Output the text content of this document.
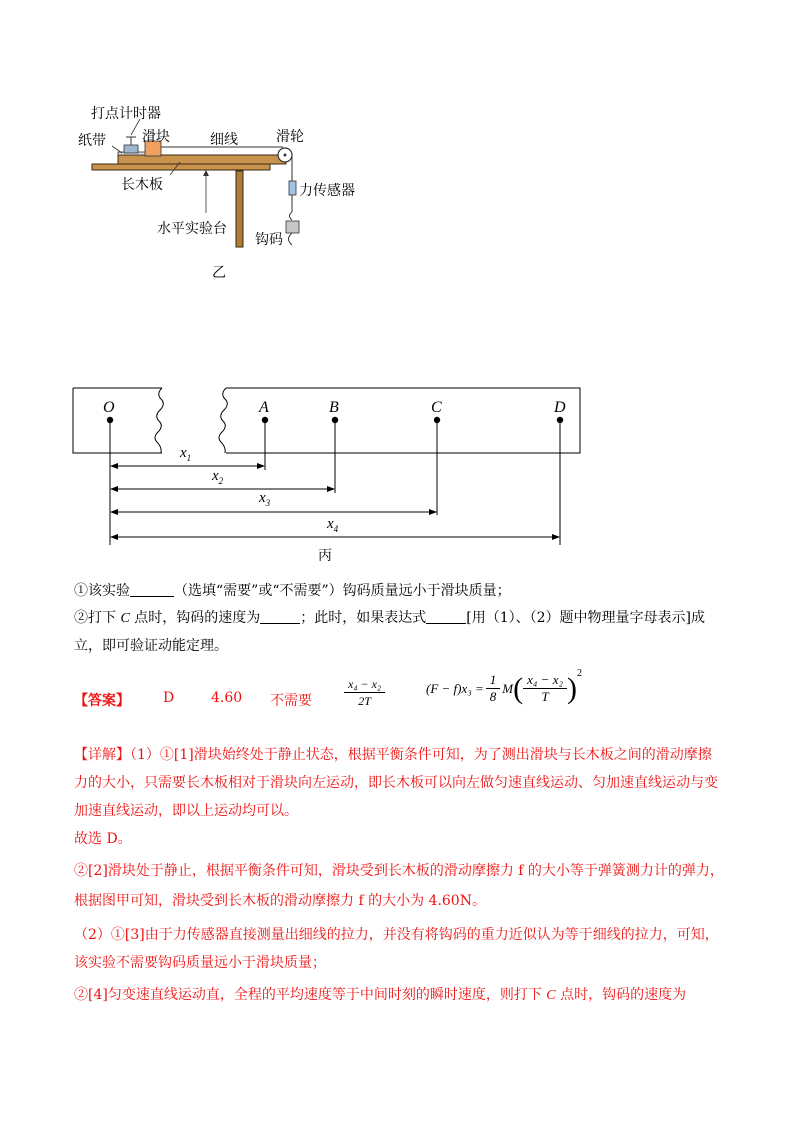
打点计时器
纸带	滑块	细线	滑轮
力传感器
长木板
水平实验台
钩码
乙
O	A	B	C	D
$x_1$
$x_2$
$x_3$
$x_4$
丙
①该实验	（选填“需要”或“不需要”）钩码质量远小于滑块质量；
②打下 C 点时，钩码的速度为	；此时，如果表达式	[用（1）、（2）题中物理量字母表示]成
立，即可验证动能定理。
【答案】 D	4.60 不需要	$\frac{\text{x₄ − x₂}}{2T}$	$(F - f)x_3 = \frac{1}{8}$ M ( $\frac{\text{x₄ − x₂}}{T}$ ) 2
【详解】（1）①[1]滑块始终处于静止状态，根据平衡条件可知，为了测出滑块与长木板之间的滑动摩擦
力的大小，只需要长木板相对于滑块向左运动，即长木板可以向左做匀速直线运动、匀加速直线运动与变
加速直线运动，即以上运动均可以。
故选 D。
②[2]滑块处于静止，根据平衡条件可知，滑块受到长木板的滑动摩擦力 f 的大小等于弹簧测力计的弹力，
根据图甲可知，滑块受到长木板的滑动摩擦力 f 的大小为 4.60N。
（2）①[3]由于力传感器直接测量出细线的拉力，并没有将钩码的重力近似认为等于细线的拉力，可知，
该实验不需要钩码质量远小于滑块质量；
②[4]匀变速直线运动直，全程的平均速度等于中间时刻的瞬时速度，则打下 C 点时，钩码的速度为
